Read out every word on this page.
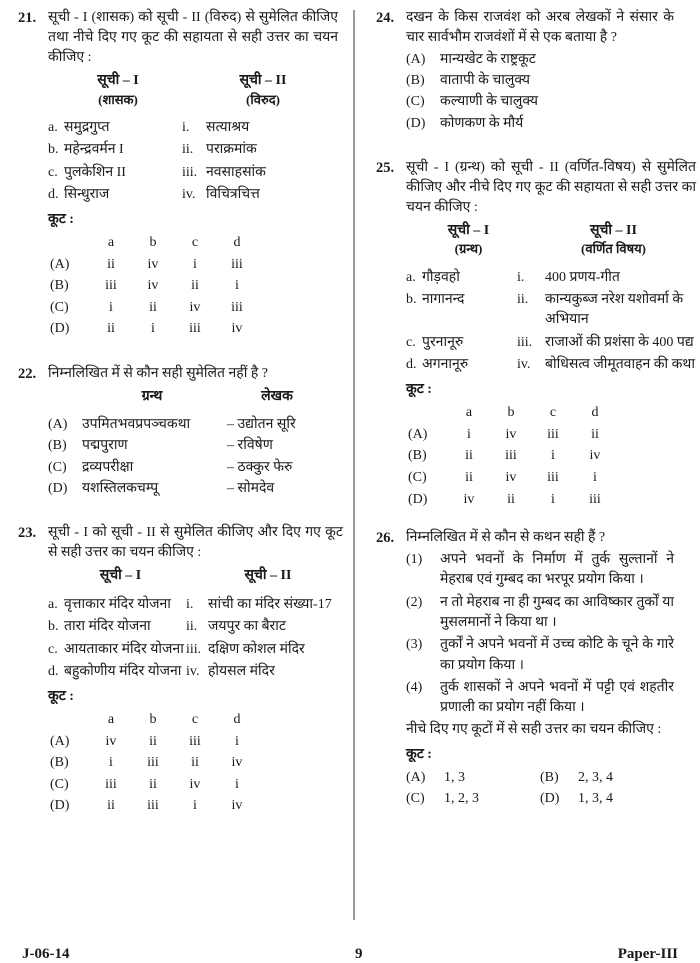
21. सूची - I (शासक) को सूची - II (विरुद) से सुमेलित कीजिए तथा नीचे दिए गए कूट की सहायता से सही उत्तर का चयन कीजिए :

सूची – I	सूची – II
(शासक)	(विरुद)
a. समुद्रगुप्त	i.	सत्याश्रय
b. महेन्द्रवर्मन I	ii. पराक्रमांक
c. पुलकेशिन II	iii. नवसाहसांक
d. सिन्धुराज	iv. विचित्रचित्त
कूट :
	a	b	c	d
(A)	ii	iv	i	iii
(B)	iii	iv	ii	i
(C)	i	ii	iv	iii
(D)	ii	i	iii	iv
22. निम्नलिखित में से कौन सही सुमेलित नहीं है ?

ग्रन्थ	लेखक
(A)	उपमितभवप्रपञ्चकथा	– उद्योतन सूरि
(B)	पद्मपुराण	– रविषेण
(C)	द्रव्यपरीक्षा	– ठक्कुर फेरु
(D)	यशस्तिलकचम्पू	– सोमदेव
23. सूची - I को सूची - II से सुमेलित कीजिए और दिए गए कूट से सही उत्तर का चयन कीजिए :

सूची – I	सूची – II
a. वृत्ताकार मंदिर योजना	i.	सांची का मंदिर संख्या-17
b. तारा मंदिर योजना	ii. जयपुर का बैराट
c. आयताकार मंदिर योजना iii. दक्षिण कोशल मंदिर
d. बहुकोणीय मंदिर योजना iv. होयसल मंदिर
कूट :
	a	b	c	d
(A)	iv	ii	iii	i
(B)	i	iii	ii	iv
(C)	iii	ii	iv	i
(D)	ii	iii	i	iv
24. दखन के किस राजवंश को अरब लेखकों ने संसार के चार सार्वभौम राजवंशों में से एक बताया है ?

(A)	मान्यखेट के राष्ट्रकूट
(B)	वातापी के चालुक्य
(C)	कल्याणी के चालुक्य
(D)	कोणकण के मौर्य
25. सूची - I (ग्रन्थ) को सूची - II (वर्णित-विषय) से सुमेलित कीजिए और नीचे दिए गए कूट की सहायता से सही उत्तर का चयन कीजिए :

सूची – I	सूची – II
(ग्रन्थ)	(वर्णित विषय)
a. गौड़वहो	i.	400 प्रणय-गीत
b. नागानन्द	ii.	कान्यकुब्ज नरेश यशोवर्मा के अभियान
c. पुरनानूरु	iii. राजाओं की प्रशंसा के 400 पद्य
d. अगनानूरु	iv.	बोधिसत्व जीमूतवाहन की कथा
कूट :
	a	b	c	d
(A)	i	iv	iii	ii
(B)	ii	iii	i	iv
(C)	ii	iv	iii	i
(D)	iv	ii	i	iii
26. निम्नलिखित में से कौन से कथन सही हैं ?

(1)	अपने भवनों के निर्माण में तुर्क सुल्तानों ने मेहराब एवं गुम्बद का भरपूर प्रयोग किया ।
(2)	न तो मेहराब ना ही गुम्बद का आविष्कार तुर्कों या मुसलमानों ने किया था ।
(3)	तुर्कों ने अपने भवनों में उच्च कोटि के चूने के गारे का प्रयोग किया ।
(4)	तुर्क शासकों ने अपने भवनों में पट्टी एवं शहतीर प्रणाली का प्रयोग नहीं किया ।

नीचे दिए गए कूटों में से सही उत्तर का चयन कीजिए :

कूट :
(A)	1, 3	(B)	2, 3, 4
(C)	1, 2, 3	(D)	1, 3, 4
J-06-14	9	Paper-III
